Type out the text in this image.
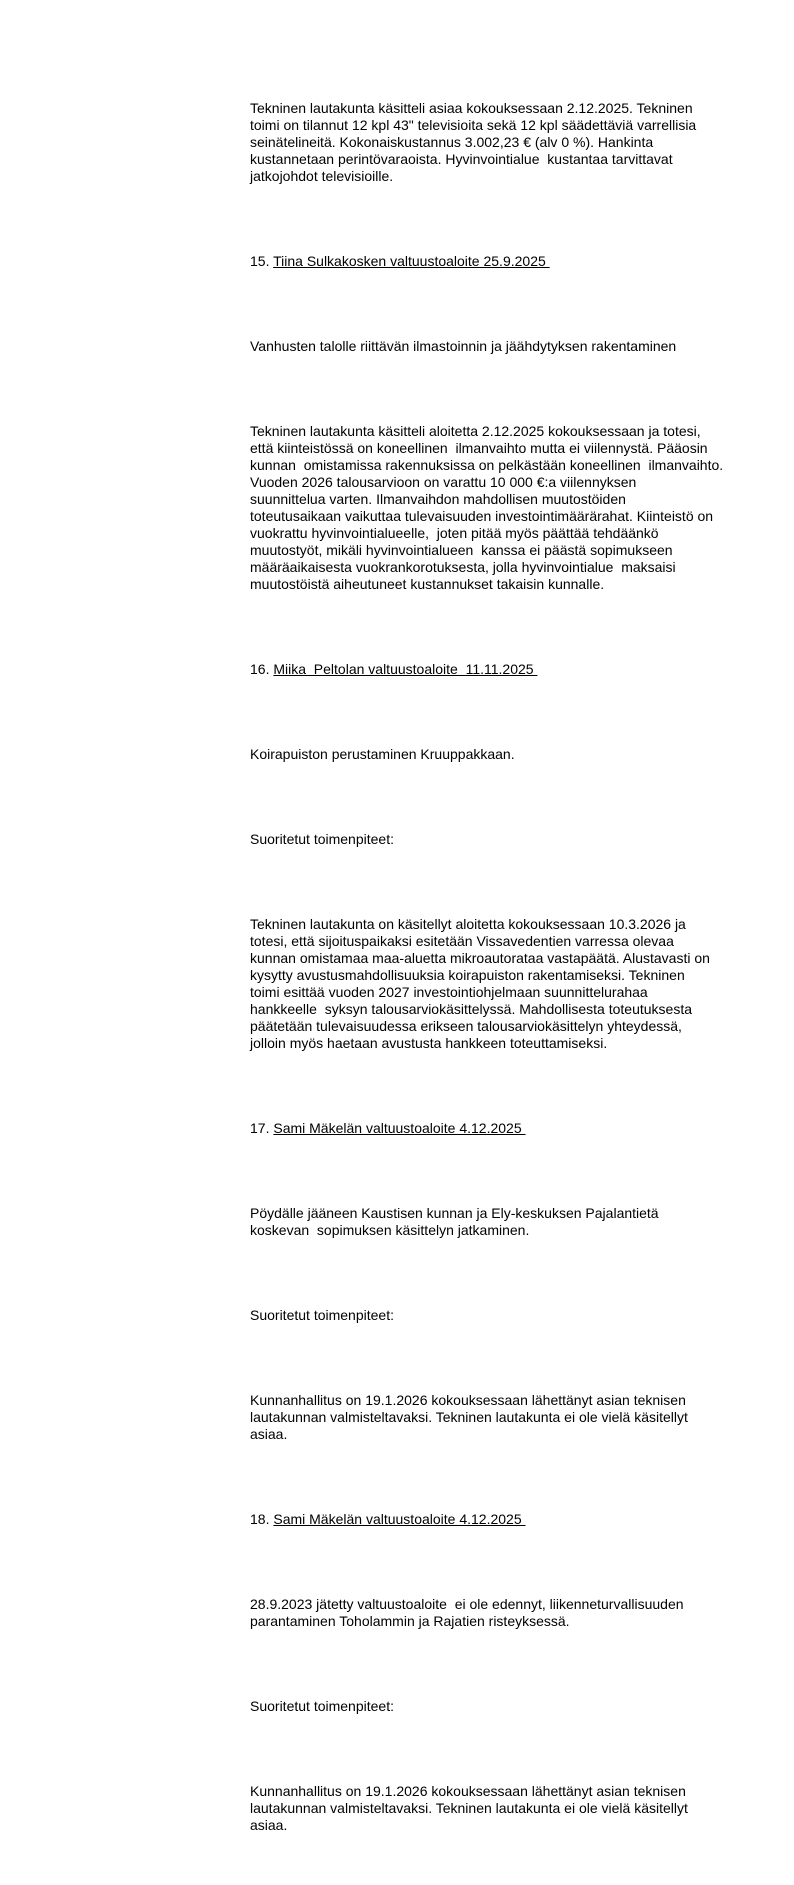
Tekninen lautakunta käsitteli asiaa kokouksessaan 2.12.2025. Tekninen
toimi on tilannut 12 kpl 43" televisioita sekä 12 kpl säädettäviä varrellisia
seinätelineitä. Kokonaiskustannus 3.002,23 € (alv 0 %). Hankinta
kustannetaan perintövaraoista. Hyvinvointialue  kustantaa tarvittavat
jatkojohdot televisioille.

15. Tiina Sulkakosken valtuustoaloite 25.9.2025

Vanhusten talolle riittävän ilmastoinnin ja jäähdytyksen rakentaminen

Tekninen lautakunta käsitteli aloitetta 2.12.2025 kokouksessaan ja totesi,
että kiinteistössä on koneellinen  ilmanvaihto mutta ei viilennystä. Pääosin
kunnan  omistamissa rakennuksissa on pelkästään koneellinen  ilmanvaihto.
Vuoden 2026 talousarvioon on varattu 10 000 €:a viilennyksen
suunnittelua varten. Ilmanvaihdon mahdollisen muutostöiden
toteutusaikaan vaikuttaa tulevaisuuden investointimäärärahat. Kiinteistö on
vuokrattu hyvinvointialueelle,  joten pitää myös päättää tehdäänkö
muutostyöt, mikäli hyvinvointialueen  kanssa ei päästä sopimukseen
määräaikaisesta vuokrankorotuksesta, jolla hyvinvointialue  maksaisi
muutostöistä aiheutuneet kustannukset takaisin kunnalle.

16. Miika  Peltolan valtuustoaloite  11.11.2025

Koirapuiston perustaminen Kruuppakkaan.

Suoritetut toimenpiteet:

Tekninen lautakunta on käsitellyt aloitetta kokouksessaan 10.3.2026 ja
totesi, että sijoituspaikaksi esitetään Vissavedentien varressa olevaa
kunnan omistamaa maa-aluetta mikroautorataa vastapäätä. Alustavasti on
kysytty avustusmahdollisuuksia koirapuiston rakentamiseksi. Tekninen
toimi esittää vuoden 2027 investointiohjelmaan suunnittelurahaa
hankkeelle  syksyn talousarviokäsittelyssä. Mahdollisesta toteutuksesta
päätetään tulevaisuudessa erikseen talousarviokäsittelyn yhteydessä,
jolloin myös haetaan avustusta hankkeen toteuttamiseksi.

17. Sami Mäkelän valtuustoaloite 4.12.2025

Pöydälle jääneen Kaustisen kunnan ja Ely-keskuksen Pajalantietä
koskevan  sopimuksen käsittelyn jatkaminen.

Suoritetut toimenpiteet:

Kunnanhallitus on 19.1.2026 kokouksessaan lähettänyt asian teknisen
lautakunnan valmisteltavaksi. Tekninen lautakunta ei ole vielä käsitellyt
asiaa.

18. Sami Mäkelän valtuustoaloite 4.12.2025

28.9.2023 jätetty valtuustoaloite  ei ole edennyt, liikenneturvallisuuden
parantaminen Toholammin ja Rajatien risteyksessä.

Suoritetut toimenpiteet:

Kunnanhallitus on 19.1.2026 kokouksessaan lähettänyt asian teknisen
lautakunnan valmisteltavaksi. Tekninen lautakunta ei ole vielä käsitellyt
asiaa.
